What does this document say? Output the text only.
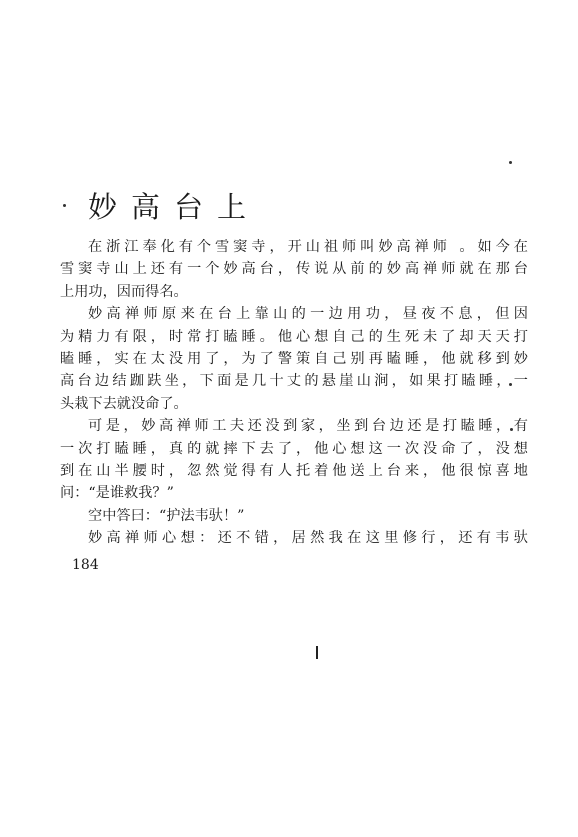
妙高台上
在浙江奉化有个雪窦寺，开山祖师叫妙高禅师 。如今在
雪窦寺山上还有一个妙高台，传说从前的妙高禅师就在那台
上用功，因而得名。
妙高禅师原来在台上靠山的一边用功，昼夜不息，但因
为精力有限，时常打瞌睡。他心想自己的生死未了却天天打
瞌睡，实在太没用了，为了警策自己别再瞌睡，他就移到妙
高台边结跏趺坐，下面是几十丈的悬崖山涧，如果打瞌睡，一
头栽下去就没命了。
可是，妙高禅师工夫还没到家，坐到台边还是打瞌睡，有
一次打瞌睡，真的就摔下去了，他心想这一次没命了，没想
到在山半腰时，忽然觉得有人托着他送上台来，他很惊喜地
问：“是谁救我？”
空中答曰：“护法韦驮！”
妙高禅师心想：还不错，居然我在这里修行，还有韦驮
184
